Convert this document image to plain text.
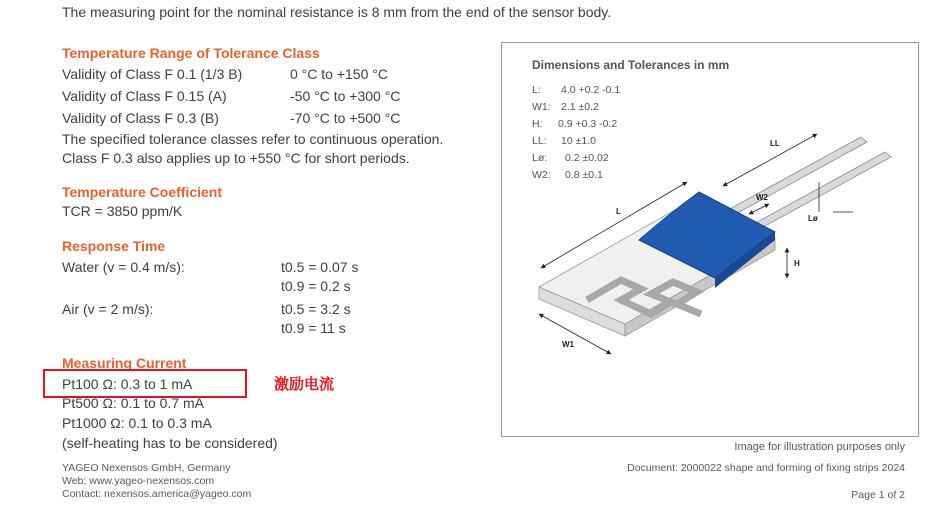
The measuring point for the nominal resistance is 8 mm from the end of the sensor body.
Temperature Range of Tolerance Class
Validity of Class F 0.1 (1/3 B)	0 °C to +150 °C
Validity of Class F 0.15 (A)	-50 °C to +300 °C
Validity of Class F 0.3 (B)	-70 °C to +500 °C
The specified tolerance classes refer to continuous operation.
Class F 0.3 also applies up to +550 °C for short periods.
Temperature Coefficient
TCR = 3850 ppm/K
Response Time
Water (v = 0.4 m/s):	t0.5 = 0.07 s
t0.9 = 0.2 s
Air (v = 2 m/s):	t0.5 = 3.2 s
t0.9 = 11 s
Measuring Current
Pt100 Ω: 0.3 to 1 mA
Pt500 Ω: 0.1 to 0.7 mA
Pt1000 Ω: 0.1 to 0.3 mA
(self-heating has to be considered)
激励电流
Dimensions and Tolerances in mm
L: 4.0 +0.2 -0.1
W1: 2.1 ±0.2
H: 0.9 +0.3 -0.2
LL: 10 ±1.0
Lø: 0.2 ±0.02
W2: 0.8 ±0.1
LL
W2
L
Lø
H
W1
Image for illustration purposes only
YAGEO Nexensos GmbH, Germany
Web: www.yageo-nexensos.com
Contact: nexensos.america@yageo.com
Document: 2000022 shape and forming of fixing strips 2024
Page 1 of 2
